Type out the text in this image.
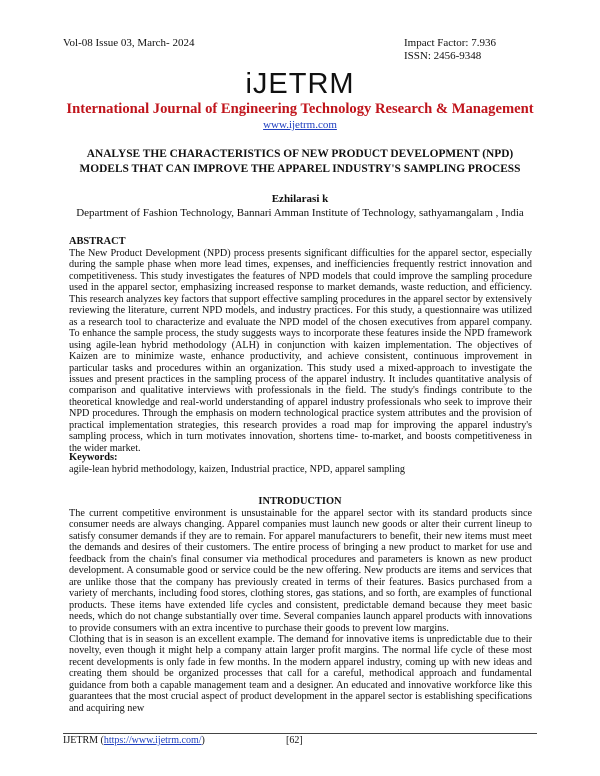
Vol-08 Issue 03, March- 2024	Impact Factor: 7.936
ISSN: 2456-9348
iJETRM
International Journal of Engineering Technology Research & Management
www.ijetrm.com
ANALYSE THE CHARACTERISTICS OF NEW PRODUCT DEVELOPMENT (NPD)
MODELS THAT CAN IMPROVE THE APPAREL INDUSTRY'S SAMPLING PROCESS
Ezhilarasi k
Department of Fashion Technology, Bannari Amman Institute of Technology, sathyamangalam , India
ABSTRACT
The New Product Development (NPD) process presents significant difficulties for the apparel sector, especially during the sample phase when more lead times, expenses, and inefficiencies frequently restrict innovation and competitiveness. This study investigates the features of NPD models that could improve the sampling procedure used in the apparel sector, emphasizing increased response to market demands, waste reduction, and efficiency. This research analyzes key factors that support effective sampling procedures in the apparel sector by extensively reviewing the literature, current NPD models, and industry practices. For this study, a questionnaire was utilized as a research tool to characterize and evaluate the NPD model of the chosen executives from apparel company. To enhance the sample process, the study suggests ways to incorporate these features inside the NPD framework using agile-lean hybrid methodology (ALH) in conjunction with kaizen implementation. The objectives of Kaizen are to minimize waste, enhance productivity, and achieve consistent, continuous improvement in particular tasks and procedures within an organization. This study used a mixed-approach to investigate the issues and present practices in the sampling process of the apparel industry. It includes quantitative analysis of comparison and qualitative interviews with professionals in the field. The study's findings contribute to the theoretical knowledge and real-world understanding of apparel industry professionals who seek to improve their NPD procedures. Through the emphasis on modern technological practice system attributes and the provision of practical implementation strategies, this research provides a road map for improving the apparel industry's sampling process, which in turn motivates innovation, shortens time- to-market, and boosts competitiveness in the wider market.
Keywords:
agile-lean hybrid methodology, kaizen, Industrial practice, NPD, apparel sampling
INTRODUCTION

The current competitive environment is unsustainable for the apparel sector with its standard products since consumer needs are always changing. Apparel companies must launch new goods or alter their current lineup to satisfy consumer demands if they are to remain. For apparel manufacturers to benefit, their new items must meet the demands and desires of their customers. The entire process of bringing a new product to market for use and feedback from the chain's final consumer via methodical procedures and parameters is known as new product development. A consumable good or service could be the new offering. New products are items and services that are unlike those that the company has previously created in terms of their features. Basics purchased from a variety of merchants, including food stores, clothing stores, gas stations, and so forth, are examples of functional products. These items have extended life cycles and consistent, predictable demand because they meet basic needs, which do not change substantially over time. Several companies launch apparel products with innovations to provide consumers with an extra incentive to purchase their goods to prevent low margins.

Clothing that is in season is an excellent example. The demand for innovative items is unpredictable due to their novelty, even though it might help a company attain larger profit margins. The normal life cycle of these most recent developments is only fade in few months. In the modern apparel industry, coming up with new ideas and creating them should be organized processes that call for a careful, methodical approach and fundamental guidance from both a capable management team and a designer. An educated and innovative workforce like this guarantees that the most crucial aspect of product development in the apparel sector is establishing specifications and acquiring new

IJETRM (https://www.ijetrm.com/)	[62]
